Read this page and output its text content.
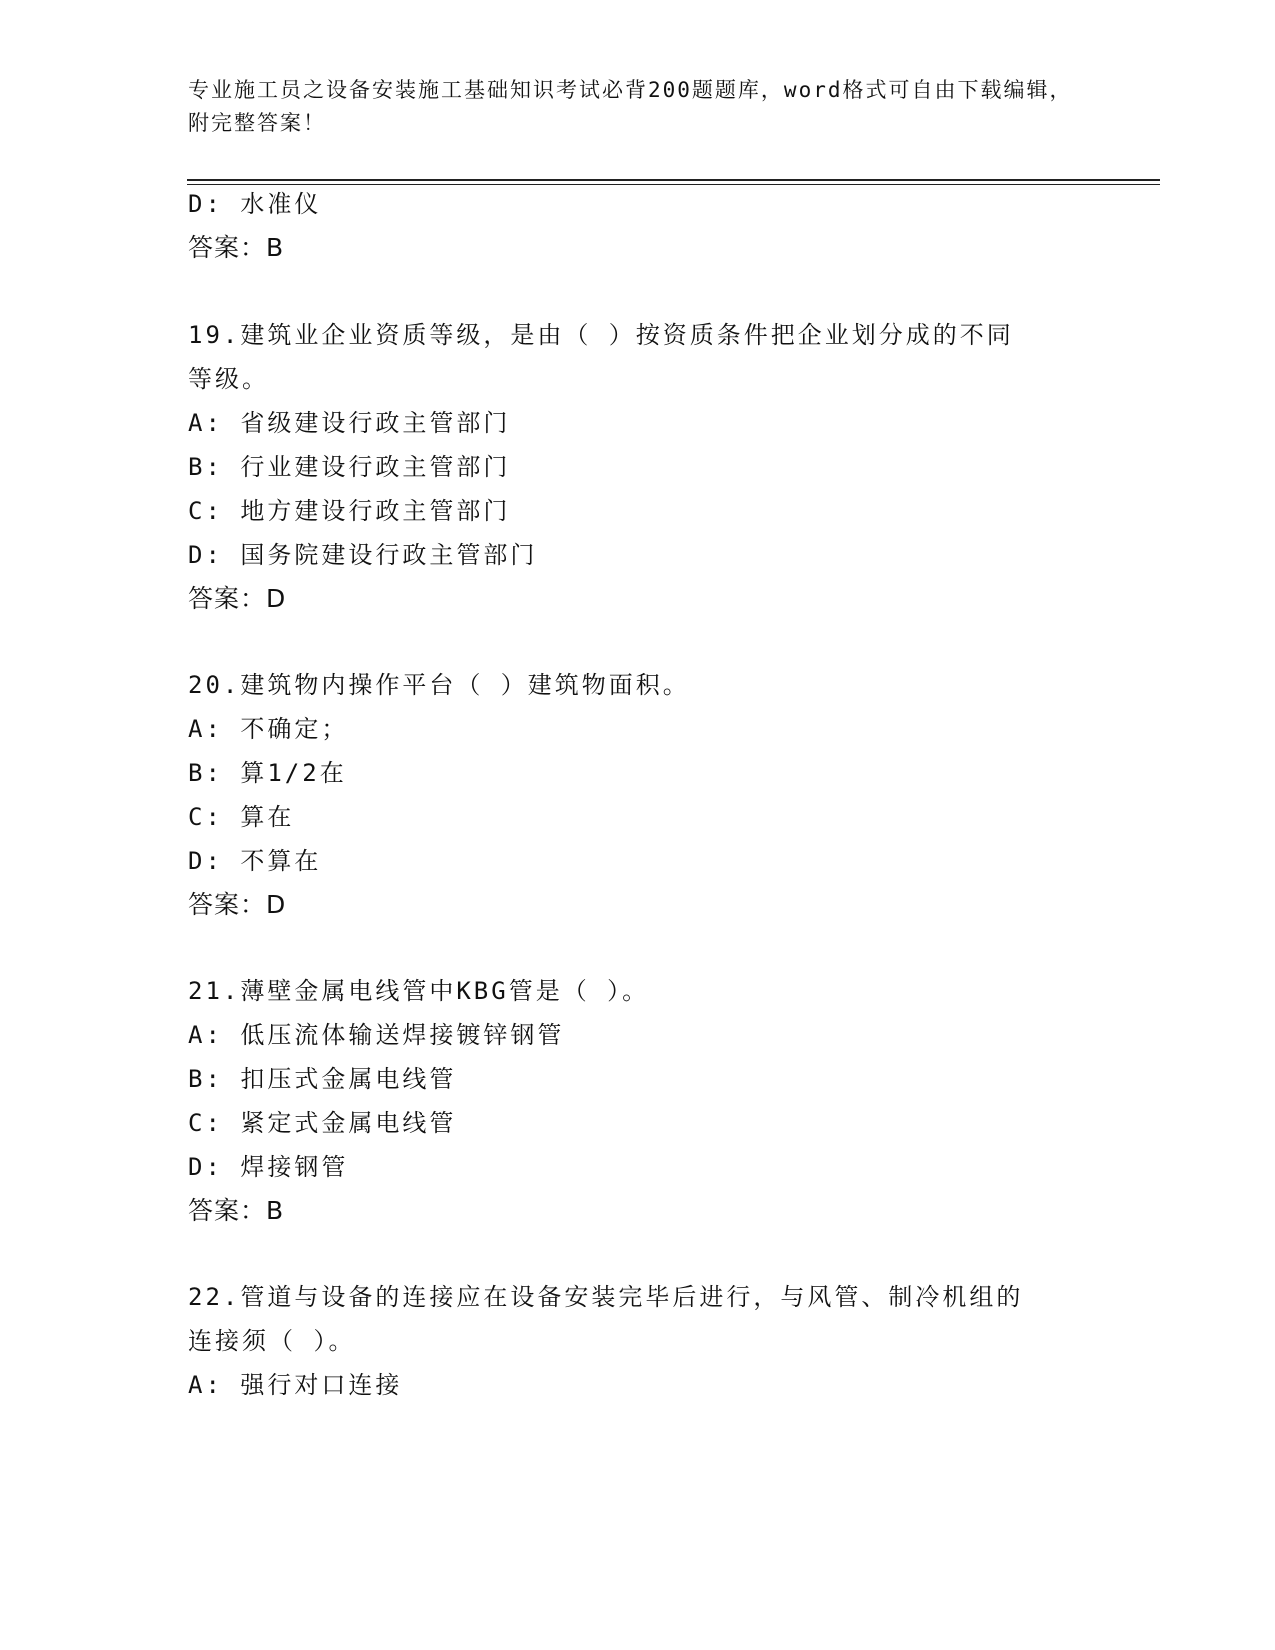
专业施工员之设备安装施工基础知识考试必背200题题库，word格式可自由下载编辑，附完整答案！
D: 水准仪
答案：B
19.建筑业企业资质等级，是由（ ）按资质条件把企业划分成的不同
等级。
A: 省级建设行政主管部门
B: 行业建设行政主管部门
C: 地方建设行政主管部门
D: 国务院建设行政主管部门
答案：D
20.建筑物内操作平台（ ）建筑物面积。
A: 不确定；
B: 算1/2在
C: 算在
D: 不算在
答案：D
21.薄壁金属电线管中KBG管是（ ）。
A: 低压流体输送焊接镀锌钢管
B: 扣压式金属电线管
C: 紧定式金属电线管
D: 焊接钢管
答案：B
22.管道与设备的连接应在设备安装完毕后进行，与风管、制冷机组的
连接须（ ）。
A: 强行对口连接
